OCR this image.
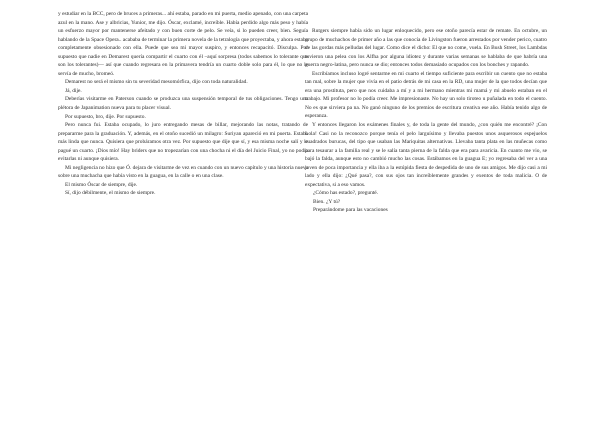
y estudiar en la BCC, pero de bruces a primeras... ahí estaba, parado en mi puerta, medio apenado, con una carpeta azul en la mano. Ase y albricias, Yunior, me dijo. Óscar, exclamé, increíble. Había perdido algo más peso y había un esfuerzo mayor por mantenerse afeitado y con buen corte de pelo. Se veía, si lo pueden creer, bien. Seguía hablando de la Space Opera.. acababa de terminar la primera novela de la tetralogía que proyectaba, y ahora estaba completamente obsesionado con ella. Puede que sea mi mayor suspiro, y entonces recapacitó. Disculpa. Por supuesto que nadie en Demarest quería compartir el cuarto con él –aquí sorpresa (todos sabemos lo tolerante que son los tolerantes)— así que cuando regresara en la primavera tendría un cuarto doble solo para él, lo que no le servía de mucho, bromeó.

Demarest no será el mismo sin tu severidad mesomórfica, dijo con toda naturalidad.

Já, dije.

Deberías visitarme en Paterson cuando se produzca una suspensión temporal de tus obligaciones. Tengo una plétora de Japanimation nueva para tu placer visual.

Por supuesto, bro, dije. Por supuesto.

Pero nunca fui. Estaba ocupado, lo juro entregando mesas de billar, mejorando las notas, tratando de prepararme para la graduación. Y, además, en el otoño sucedió un milagro: Suriyan apareció en mi puerta. Estaba más linda que nunca. Quisiera que probáramos otra vez. Por supuesto que dije que sí, y esa misma noche salí y le pagué un cuarto. ¡Dios mío! Hay briders que no tropezarían con una chocha ni el día del Juicio Final, yo no podía evitarlas ni aunque quisiera.

Mi negligencia no hizo que Ó. dejara de visitarme de vez en cuando con un nuevo capítulo y una historia nueva sobre una muchacha que había visto en la guagua, en la calle o en una clase.

El mismo Óscar de siempre, dije.

Sí, dijo débilmente, el mismo de siempre.

Rutgers siempre había sido un lugar enloquecido, pero ese otoño parecía estar de remate. En octubre, un grupo de muchachos de primer año a las que conocía de Livingston fueron arrestados por vender perico, cuatro de las gordas más pelludas del lugar. Como dice el dicho: El que no come, vuela. En Bush Street, los Lambdas tuvieron una pelea con los Alfha por alguna idiotez y durante varias semanas se hablaba de que habría una guerra negro-latina, pero nunca se dio; entonces todos demasiado ocupados con los bonches y rapando.

Escribíamos incluso logré sentarme en mi cuarto el tiempo suficiente para escribir un cuento que no estaba tan mal, sobre la mujer que vivía en el patio detrás de mi casa en la RD, una mujer de la que todos decían que era una prostituta, pero que nos cuidaba a mí y a mi hermano mientras mi mamá y mi abuelo estaban en el trabajo. Mi profesor no lo podía creer. Me impresionaste. No hay un solo tiroteo u puñalada en todo el cuento. No es que sirviera pa na. No ganó ninguno de los premios de escritura creativa ese año. Había tenido algo de esperanza.

Y entonces llegaron los exámenes finales y, de toda la gente del mundo, ¿con quién me encontré? ¡Con Lola! Casi no la reconozco porque tenía el pelo larguísimo y llevaba puestos unos asquerosos espejuelos cuadrados burucas, del tipo que usaban las Mariquitas alternativas. Llevaba tanta plata en las muñecas como para tesaurar a la familia real y se le salía tanta pierna de la falda que era para avaricia. En cuanto me vio, se bajó la falda, aunque esto no cambió mucho las cosas. Estábamos en la guagua E; yo regresaba del ver a una joven de poca importancia y ella iba a la estúpida fiesta de despedida de uno de sus amigos. Me dijo casi a mi lado y ella dijo: ¿Qué pasa?, con sus ojos tan increíblemente grandes y exentos de toda malicia. O de expectativa, si a eso vamos.

¿Cómo has estado?, pregunté.

Bien. ¿Y tú?

Preparándome para las vacaciones
